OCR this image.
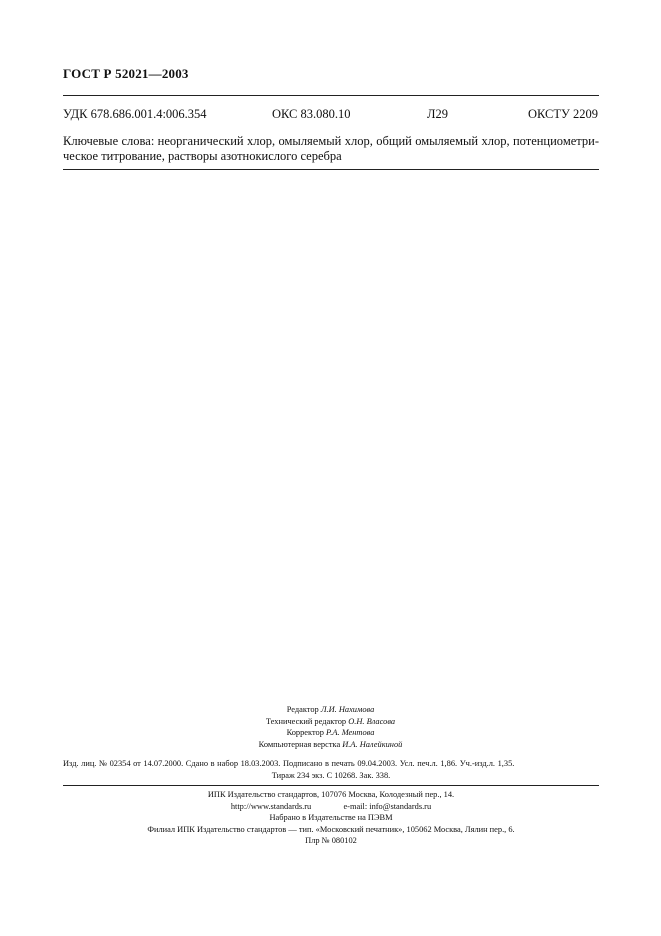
ГОСТ Р 52021—2003
УДК 678.686.001.4:006.354	ОКС 83.080.10	Л29	ОКСТУ 2209
Ключевые слова: неорганический хлор, омыляемый хлор, общий омыляемый хлор, потенциометри-
ческое титрование, растворы азотнокислого серебра
Редактор Л.И. Нахимова
Технический редактор О.Н. Власова
Корректор Р.А. Ментова
Компьютерная верстка И.А. Налейкиной
Изд. лиц. № 02354 от 14.07.2000. Сдано в набор 18.03.2003. Подписано в печать 09.04.2003. Усл. печ.л. 1,86. Уч.-изд.л. 1,35.
Тираж 234 экз. С 10268. Зак. 338.
ИПК Издательство стандартов, 107076 Москва, Колодезный пер., 14.
http://www.standards.ru	e-mail: info@standards.ru
Набрано в Издательстве на ПЭВМ
Филиал ИПК Издательство стандартов — тип. «Московский печатник», 105062 Москва, Лялин пер., 6.
Плр № 080102
